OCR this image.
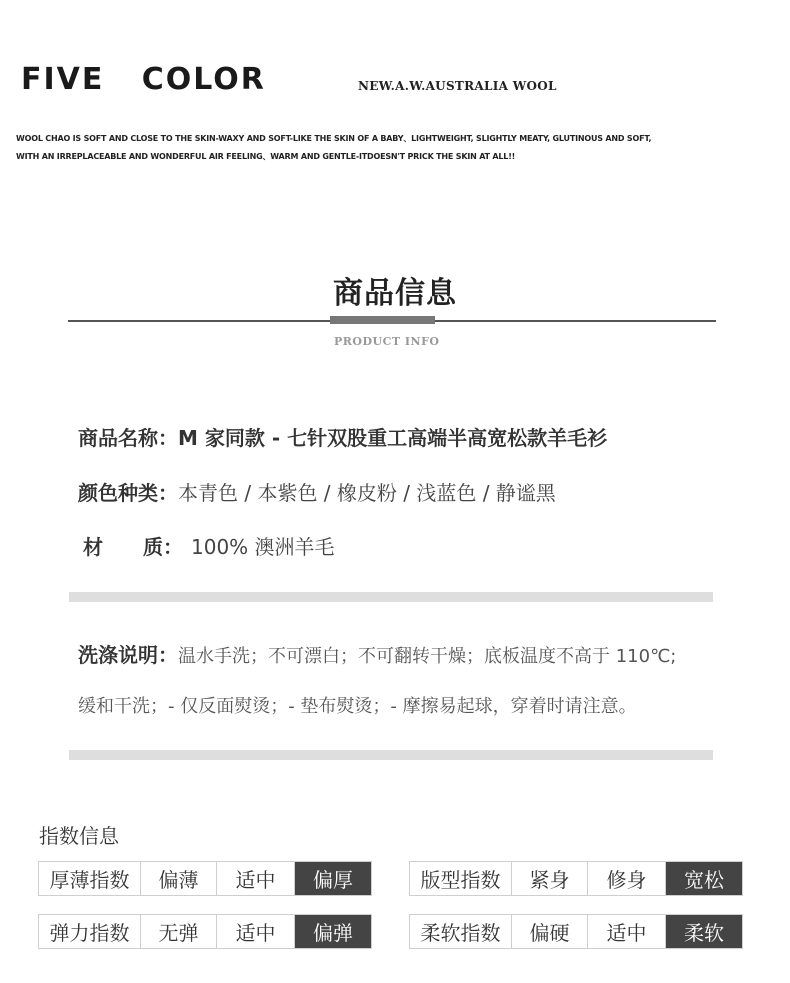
FIVE   COLOR	NEW.A.W.AUSTRALIA WOOL
WOOL CHAO IS SOFT AND CLOSE TO THE SKIN-WAXY AND SOFT-LIKE THE SKIN OF A BABY、LIGHTWEIGHT, SLIGHTLY MEATY, GLUTINOUS AND SOFT,
WITH AN IRREPLACEABLE AND WONDERFUL AIR FEELING、WARM AND GENTLE-ITDOESN'T PRICK THE SKIN AT ALL!!
商品信息
PRODUCT INFO
商品名称：M 家同款 - 七针双股重工高端半高宽松款羊毛衫
颜色种类：本青色 / 本紫色 / 橡皮粉 / 浅蓝色 / 静谧黑
材　　质： 100% 澳洲羊毛
洗涤说明：温水手洗；不可漂白；不可翻转干燥；底板温度不高于 110℃;
缓和干洗；- 仅反面熨烫；- 垫布熨烫；- 摩擦易起球，穿着时请注意。
指数信息
厚薄指数	偏薄	适中	偏厚	版型指数	紧身	修身	宽松
弹力指数	无弹	适中	偏弹	柔软指数	偏硬	适中	柔软
